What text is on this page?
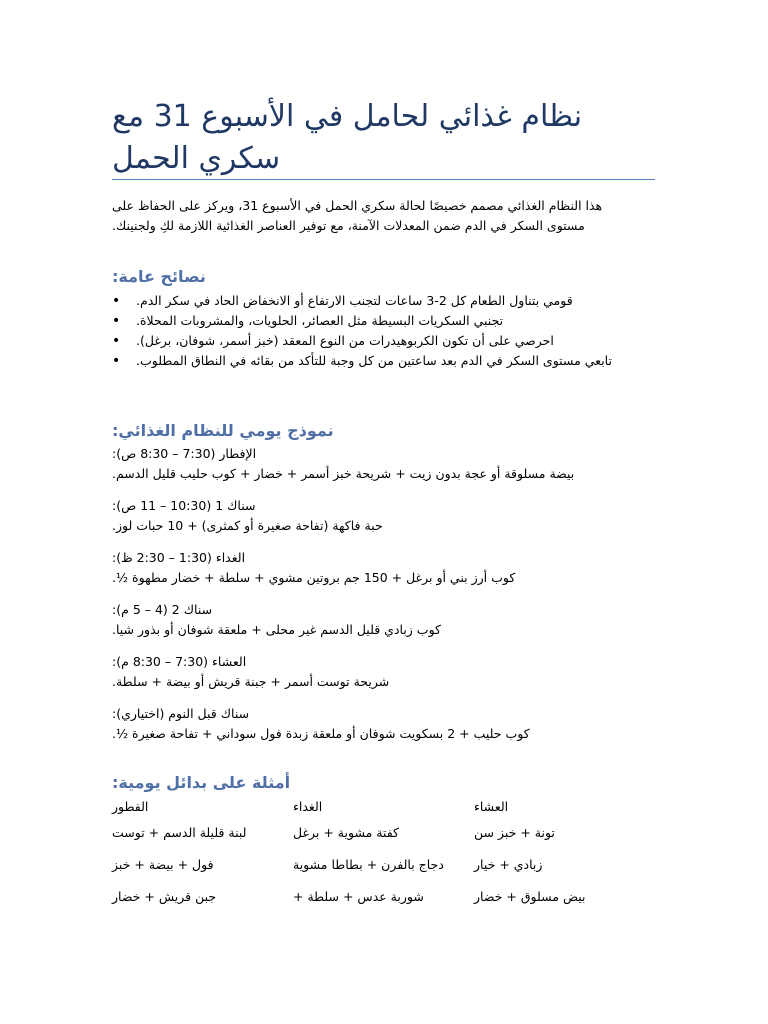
نظام غذائي لحامل في الأسبوع 31 مع سكري الحمل
هذا النظام الغذائي مصمم خصيصًا لحالة سكري الحمل في الأسبوع 31، ويركز على الحفاظ على
مستوى السكر في الدم ضمن المعدلات الآمنة، مع توفير العناصر الغذائية اللازمة لكِ ولجنينك.
نصائح عامة:
• قومي بتناول الطعام كل 2-3 ساعات لتجنب الارتفاع أو الانخفاض الحاد في سكر الدم.
• تجنبي السكريات البسيطة مثل العصائر، الحلويات، والمشروبات المحلاة.
• احرصي على أن تكون الكربوهيدرات من النوع المعقد (خبز أسمر، شوفان، برغل).
• تابعي مستوى السكر في الدم بعد ساعتين من كل وجبة للتأكد من بقائه في النطاق المطلوب.
نموذج يومي للنظام الغذائي:
الإفطار (7:30 – 8:30 ص):
بيضة مسلوقة أو عجة بدون زيت + شريحة خبز أسمر + خضار + كوب حليب قليل الدسم.
سناك 1 (10:30 – 11 ص):
حبة فاكهة (تفاحة صغيرة أو كمثرى) + 10 حبات لوز.
الغداء (1:30 – 2:30 ظ):
كوب أرز بني أو برغل + 150 جم بروتين مشوي + سلطة + خضار مطهوة ½.
سناك 2 (4 – 5 م):
كوب زبادي قليل الدسم غير محلى + ملعقة شوفان أو بذور شيا.
العشاء (7:30 – 8:30 م):
شريحة توست أسمر + جبنة قريش أو بيضة + سلطة.
سناك قبل النوم (اختياري):
كوب حليب + 2 بسكويت شوفان أو ملعقة زبدة فول سوداني + تفاحة صغيرة ½.
أمثلة على بدائل يومية:
الفطور	الغداء	العشاء
لبنة قليلة الدسم + توست	كفتة مشوية + برغل	تونة + خبز سن
فول + بيضة + خبز	دجاج بالفرن + بطاطا مشوية	زبادي + خيار
جبن قريش + خضار	شوربة عدس + سلطة +	بيض مسلوق + خضار
